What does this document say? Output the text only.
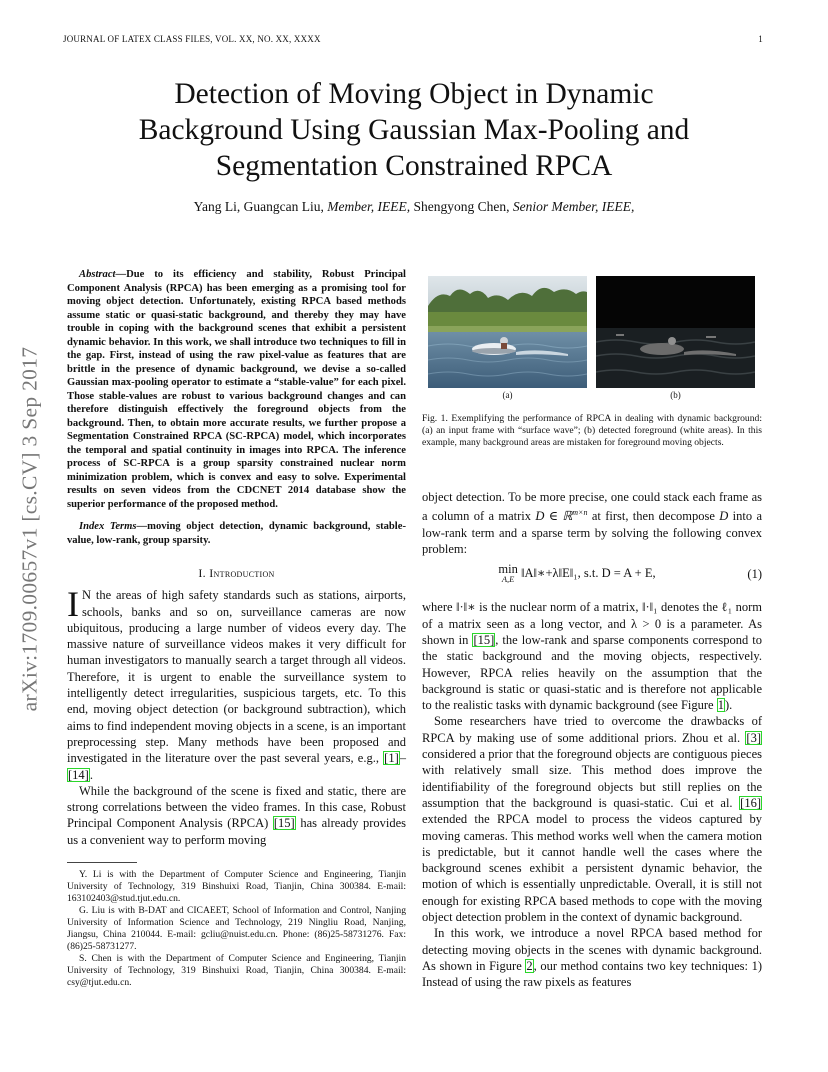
JOURNAL OF LATEX CLASS FILES, VOL. XX, NO. XX, XXXX	1
arXiv:1709.00657v1 [cs.CV] 3 Sep 2017
Detection of Moving Object in Dynamic
Background Using Gaussian Max-Pooling and
Segmentation Constrained RPCA
Yang Li, Guangcan Liu, Member, IEEE, Shengyong Chen, Senior Member, IEEE,

Abstract—Due to its efficiency and stability, Robust Principal Component Analysis (RPCA) has been emerging as a promising tool for moving object detection. Unfortunately, existing RPCA based methods assume static or quasi-static background, and thereby they may have trouble in coping with the background scenes that exhibit a persistent dynamic behavior. In this work, we shall introduce two techniques to fill in the gap. First, instead of using the raw pixel-value as features that are brittle in the presence of dynamic background, we devise a so-called Gaussian max-pooling operator to estimate a “stable-value” for each pixel. Those stable-values are robust to various background changes and can therefore distinguish effectively the foreground objects from the background. Then, to obtain more accurate results, we further propose a Segmentation Constrained RPCA (SC-RPCA) model, which incorporates the temporal and spatial continuity in images into RPCA. The inference process of SC-RPCA is a group sparsity constrained nuclear norm minimization problem, which is convex and easy to solve. Experimental results on seven videos from the CDCNET 2014 database show the superior performance of the proposed method.

Index Terms—moving object detection, dynamic background, stable-value, low-rank, group sparsity.

I. Introduction

I N the areas of high safety standards such as stations, airports, schools, banks and so on, surveillance cameras are now ubiquitous, producing a large number of videos every day. The massive nature of surveillance videos makes it very difficult for human investigators to manually search a target through all videos. Therefore, it is urgent to enable the surveillance system to intelligently detect irregularities, suspicious targets, etc. To this end, moving object detection (or background subtraction), which aims to find independent moving objects in a scene, is an important preprocessing step. Many methods have been proposed and investigated in the literature over the past several years, e.g., [1]–[14].

While the background of the scene is fixed and static, there are strong correlations between the video frames. In this case, Robust Principal Component Analysis (RPCA) [15] has already provides us a convenient way to perform moving

Y. Li is with the Department of Computer Science and Engineering, Tianjin University of Technology, 319 Binshuixi Road, Tianjin, China 300384. E-mail: 163102403@stud.tjut.edu.cn.

G. Liu is with B-DAT and CICAEET, School of Information and Control, Nanjing University of Information Science and Technology, 219 Ningliu Road, Nanjing, Jiangsu, China 210044. E-mail: gcliu@nuist.edu.cn. Phone: (86)25-58731276. Fax: (86)25-58731277.

S. Chen is with the Department of Computer Science and Engineering, Tianjin University of Technology, 319 Binshuixi Road, Tianjin, China 300384. E-mail: csy@tjut.edu.cn.

(a)	(b)

Fig. 1. Exemplifying the performance of RPCA in dealing with dynamic background: (a) an input frame with “surface wave”; (b) detected foreground (white areas). In this example, many background areas are mistaken for foreground moving objects.

object detection. To be more precise, one could stack each frame as a column of a matrix D ∈ ℝ$^{m\times n}$ at first, then decompose D into a low-rank term and a sparse term by solving the following convex problem:

min
A,E ‖A‖∗+λ‖E‖₁, s.t. D = A + E,	(1)

where ‖·‖∗ is the nuclear norm of a matrix, ‖·‖₁ denotes the ℓ₁ norm of a matrix seen as a long vector, and λ > 0 is a parameter. As shown in [15], the low-rank and sparse components correspond to the static background and the moving objects, respectively. However, RPCA relies heavily on the assumption that the background is static or quasi-static and is therefore not applicable to the realistic tasks with dynamic background (see Figure 1).

Some researchers have tried to overcome the drawbacks of RPCA by making use of some additional priors. Zhou et al. [3] considered a prior that the foreground objects are contiguous pieces with relatively small size. This method does improve the identifiability of the foreground objects but still replies on the assumption that the background is quasi-static. Cui et al. [16] extended the RPCA model to process the videos captured by moving cameras. This method works well when the camera motion is predictable, but it cannot handle well the cases where the background scenes exhibit a persistent dynamic behavior, the motion of which is essentially unpredictable. Overall, it is still not enough for existing RPCA based methods to cope with the moving object detection problem in the context of dynamic background.

In this work, we introduce a novel RPCA based method for detecting moving objects in the scenes with dynamic background. As shown in Figure 2, our method contains two key techniques: 1) Instead of using the raw pixels as features
